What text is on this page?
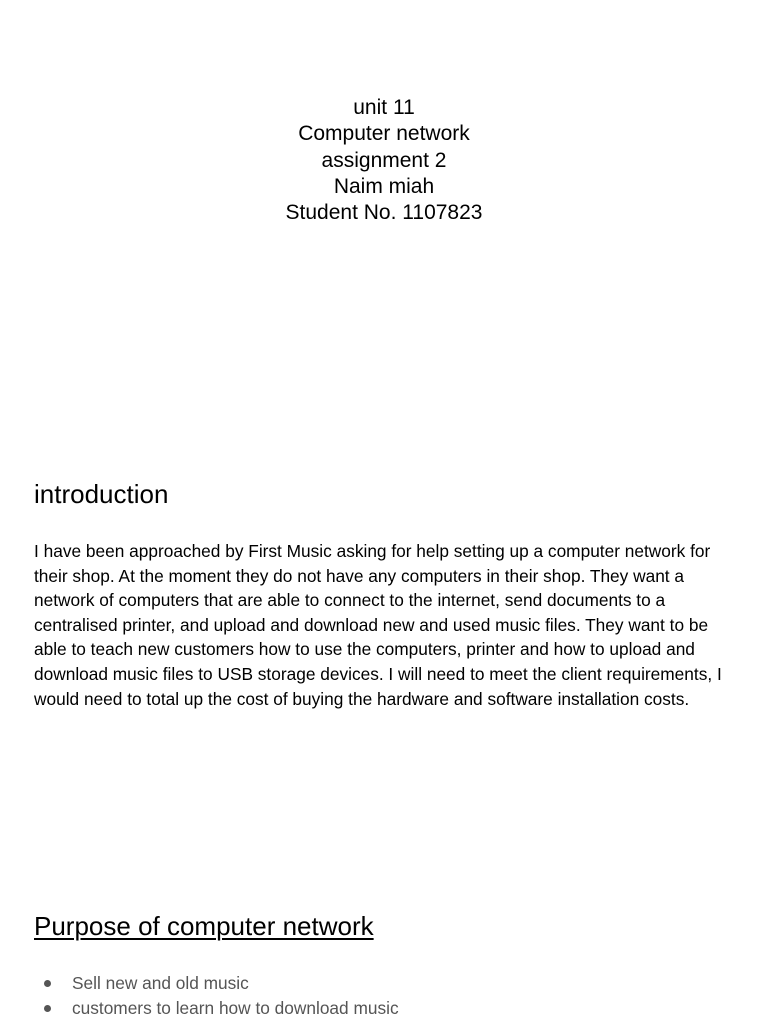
unit 11
Computer network
assignment 2
Naim miah
Student No. 1107823
introduction

I have been approached by First Music asking for help setting up a computer network for their shop. At the moment they do not have any computers in their shop. They want a network of computers that are able to connect to the internet, send documents to a centralised printer, and upload and download new and used music files. They want to be able to teach new customers how to use the computers, printer and how to upload and download music files to USB storage devices. I will need to meet the client requirements, I would need to total up the cost of buying the hardware and software installation costs.

Purpose of computer network
Sell new and old music
customers to learn how to download music
